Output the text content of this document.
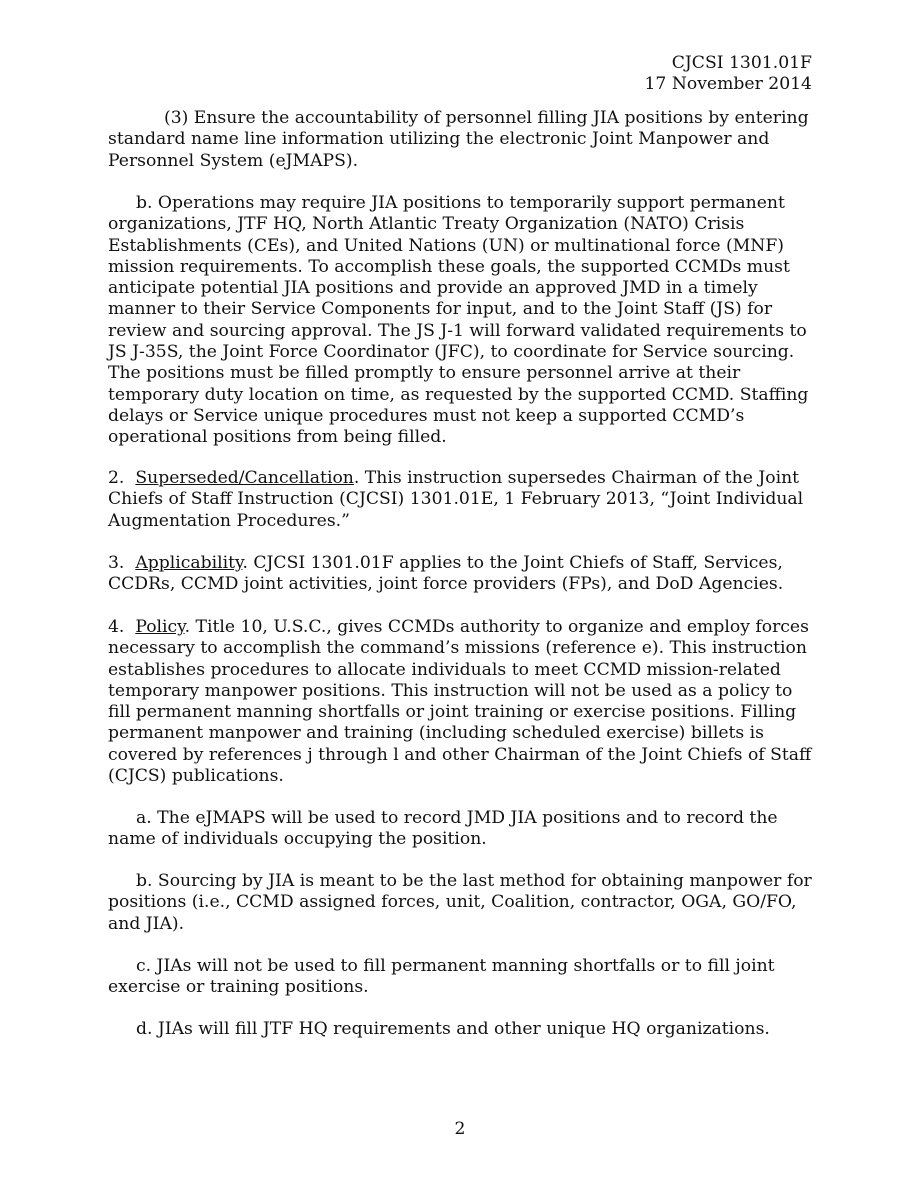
CJCSI 1301.01F
17 November 2014

(3) Ensure the accountability of personnel filling JIA positions by entering standard name line information utilizing the electronic Joint Manpower and Personnel System (eJMAPS).

b. Operations may require JIA positions to temporarily support permanent organizations, JTF HQ, North Atlantic Treaty Organization (NATO) Crisis Establishments (CEs), and United Nations (UN) or multinational force (MNF) mission requirements. To accomplish these goals, the supported CCMDs must anticipate potential JIA positions and provide an approved JMD in a timely manner to their Service Components for input, and to the Joint Staff (JS) for review and sourcing approval. The JS J-1 will forward validated requirements to JS J-35S, the Joint Force Coordinator (JFC), to coordinate for Service sourcing. The positions must be filled promptly to ensure personnel arrive at their temporary duty location on time, as requested by the supported CCMD. Staffing delays or Service unique procedures must not keep a supported CCMD’s operational positions from being filled.

2. Superseded/Cancellation. This instruction supersedes Chairman of the Joint Chiefs of Staff Instruction (CJCSI) 1301.01E, 1 February 2013, “Joint Individual Augmentation Procedures.”

3. Applicability. CJCSI 1301.01F applies to the Joint Chiefs of Staff, Services, CCDRs, CCMD joint activities, joint force providers (FPs), and DoD Agencies.

4. Policy. Title 10, U.S.C., gives CCMDs authority to organize and employ forces necessary to accomplish the command’s missions (reference e). This instruction establishes procedures to allocate individuals to meet CCMD mission-related temporary manpower positions. This instruction will not be used as a policy to fill permanent manning shortfalls or joint training or exercise positions. Filling permanent manpower and training (including scheduled exercise) billets is covered by references j through l and other Chairman of the Joint Chiefs of Staff (CJCS) publications.

a. The eJMAPS will be used to record JMD JIA positions and to record the name of individuals occupying the position.

b. Sourcing by JIA is meant to be the last method for obtaining manpower for positions (i.e., CCMD assigned forces, unit, Coalition, contractor, OGA, GO/FO, and JIA).

c. JIAs will not be used to fill permanent manning shortfalls or to fill joint exercise or training positions.

d. JIAs will fill JTF HQ requirements and other unique HQ organizations.

2
